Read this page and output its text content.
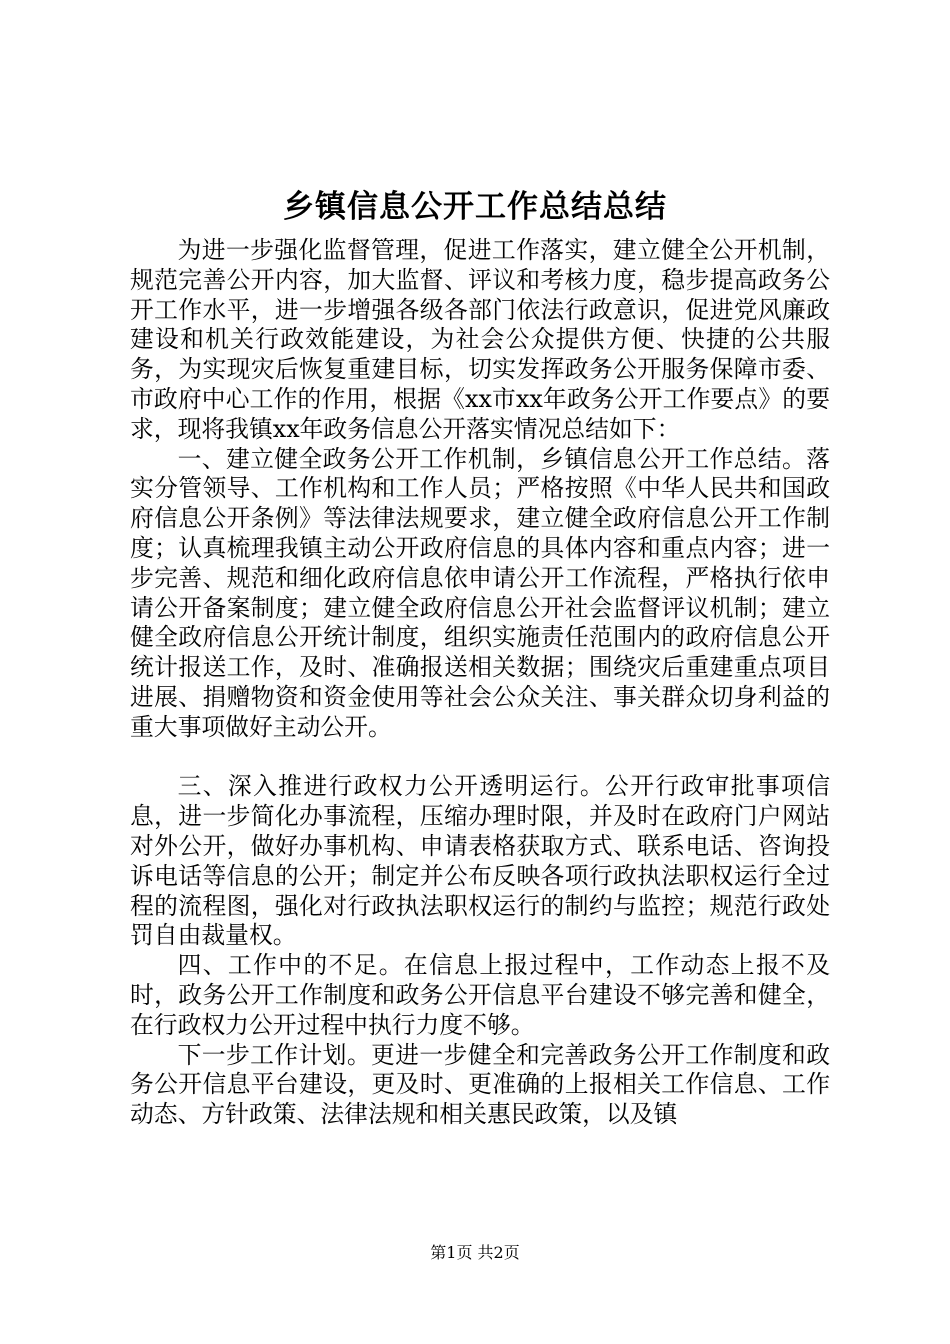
乡镇信息公开工作总结总结

为进一步强化监督管理，促进工作落实，建立健全公开机制，规范完善公开内容，加大监督、评议和考核力度，稳步提高政务公开工作水平，进一步增强各级各部门依法行政意识，促进党风廉政建设和机关行政效能建设，为社会公众提供方便、快捷的公共服务，为实现灾后恢复重建目标，切实发挥政务公开服务保障市委、市政府中心工作的作用，根据《xx市xx年政务公开工作要点》的要求，现将我镇xx年政务信息公开落实情况总结如下：

一、建立健全政务公开工作机制，乡镇信息公开工作总结。落实分管领导、工作机构和工作人员；严格按照《中华人民共和国政府信息公开条例》等法律法规要求，建立健全政府信息公开工作制度；认真梳理我镇主动公开政府信息的具体内容和重点内容；进一步完善、规范和细化政府信息依申请公开工作流程，严格执行依申请公开备案制度；建立健全政府信息公开社会监督评议机制；建立健全政府信息公开统计制度，组织实施责任范围内的政府信息公开统计报送工作，及时、准确报送相关数据；围绕灾后重建重点项目进展、捐赠物资和资金使用等社会公众关注、事关群众切身利益的重大事项做好主动公开。

三、深入推进行政权力公开透明运行。公开行政审批事项信息，进一步简化办事流程，压缩办理时限，并及时在政府门户网站对外公开，做好办事机构、申请表格获取方式、联系电话、咨询投诉电话等信息的公开；制定并公布反映各项行政执法职权运行全过程的流程图，强化对行政执法职权运行的制约与监控；规范行政处罚自由裁量权。

四、工作中的不足。在信息上报过程中，工作动态上报不及时，政务公开工作制度和政务公开信息平台建设不够完善和健全，在行政权力公开过程中执行力度不够。

下一步工作计划。更进一步健全和完善政务公开工作制度和政务公开信息平台建设，更及时、更准确的上报相关工作信息、工作动态、方针政策、法律法规和相关惠民政策，以及镇

第1页 共2页
